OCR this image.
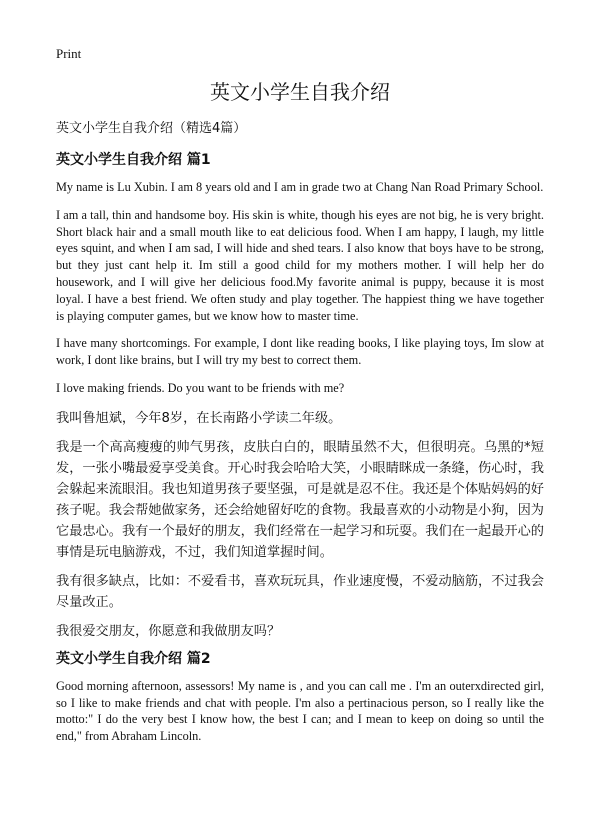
Print

英文小学生自我介绍

英文小学生自我介绍（精选4篇）

英文小学生自我介绍 篇1

My name is Lu Xubin. I am 8 years old and I am in grade two at Chang Nan Road Primary School.

I am a tall, thin and handsome boy. His skin is white, though his eyes are not big, he is very bright. Short black hair and a small mouth like to eat delicious food. When I am happy, I laugh, my little eyes squint, and when I am sad, I will hide and shed tears. I also know that boys have to be strong, but they just cant help it. Im still a good child for my mothers mother. I will help her do housework, and I will give her delicious food.My favorite animal is puppy, because it is most loyal. I have a best friend. We often study and play together. The happiest thing we have together is playing computer games, but we know how to master time.

I have many shortcomings. For example, I dont like reading books, I like playing toys, Im slow at work, I dont like brains, but I will try my best to correct them.

I love making friends. Do you want to be friends with me?

我叫鲁旭斌，今年8岁，在长南路小学读二年级。

我是一个高高瘦瘦的帅气男孩，皮肤白白的，眼睛虽然不大，但很明亮。乌黑的*短发，一张小嘴最爱享受美食。开心时我会哈哈大笑，小眼睛眯成一条缝，伤心时，我会躲起来流眼泪。我也知道男孩子要坚强，可是就是忍不住。我还是个体贴妈妈的好孩子呢。我会帮她做家务，还会给她留好吃的食物。我最喜欢的小动物是小狗，因为它最忠心。我有一个最好的朋友，我们经常在一起学习和玩耍。我们在一起最开心的事情是玩电脑游戏，不过，我们知道掌握时间。

我有很多缺点，比如：不爱看书，喜欢玩玩具，作业速度慢，不爱动脑筋，不过我会尽量改正。

我很爱交朋友，你愿意和我做朋友吗？

英文小学生自我介绍 篇2

Good morning afternoon, assessors! My name is , and you can call me . I'm an outerxdirected girl, so I like to make friends and chat with people. I'm also a pertinacious person, so I really like the motto:" I do the very best I know how, the best I can; and I mean to keep on doing so until the end," from Abraham Lincoln.
